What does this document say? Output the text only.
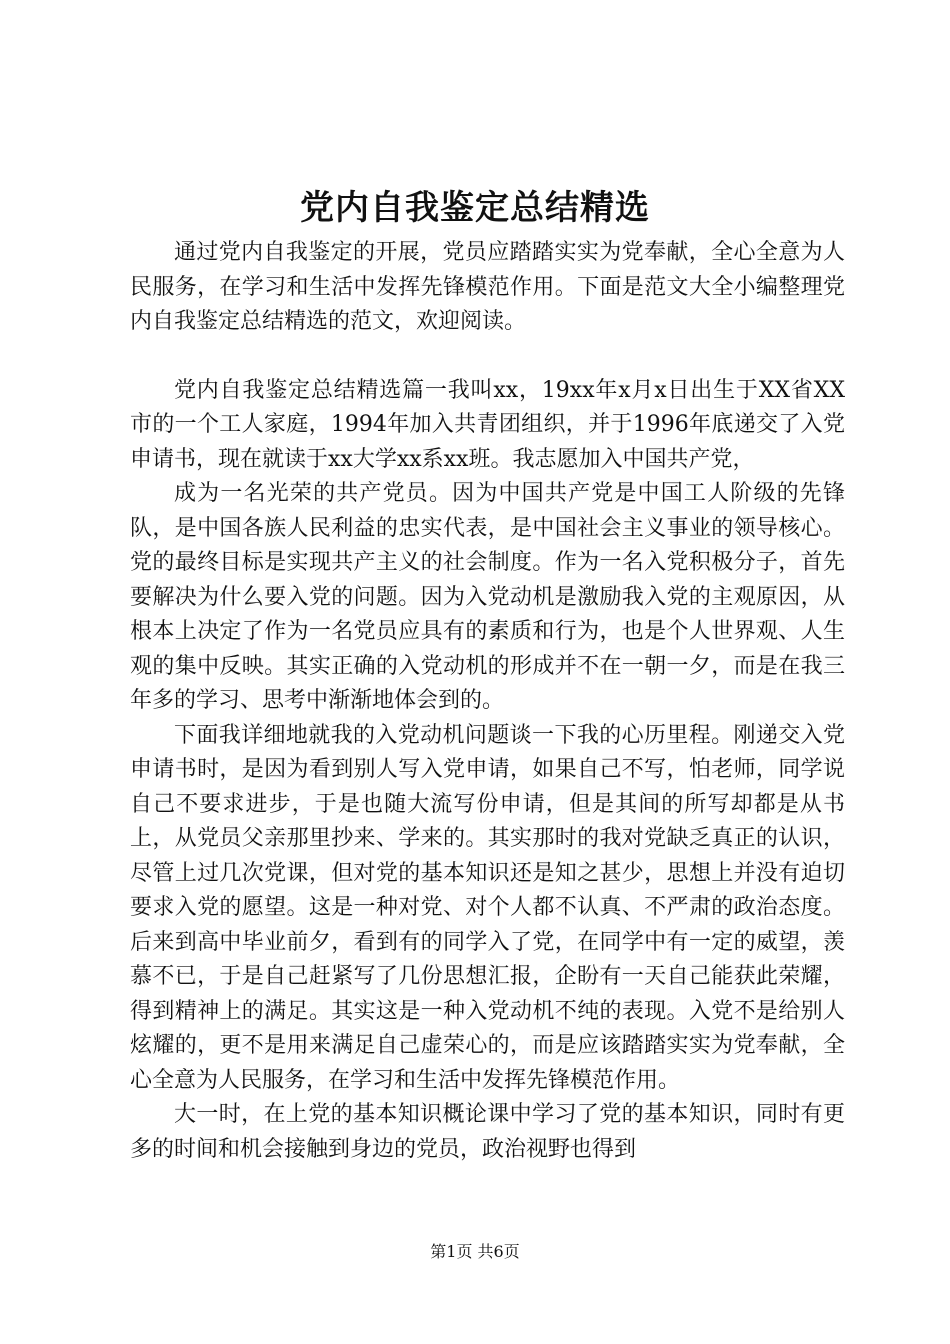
党内自我鉴定总结精选

通过党内自我鉴定的开展，党员应踏踏实实为党奉献，全心全意为人民服务，在学习和生活中发挥先锋模范作用。下面是范文大全小编整理党内自我鉴定总结精选的范文，欢迎阅读。

党内自我鉴定总结精选篇一我叫xx，19xx年x月x日出生于XX省XX市的一个工人家庭，1994年加入共青团组织，并于1996年底递交了入党申请书，现在就读于xx大学xx系xx班。我志愿加入中国共产党，

成为一名光荣的共产党员。因为中国共产党是中国工人阶级的先锋队，是中国各族人民利益的忠实代表，是中国社会主义事业的领导核心。党的最终目标是实现共产主义的社会制度。作为一名入党积极分子，首先要解决为什么要入党的问题。因为入党动机是激励我入党的主观原因，从根本上决定了作为一名党员应具有的素质和行为，也是个人世界观、人生观的集中反映。其实正确的入党动机的形成并不在一朝一夕，而是在我三年多的学习、思考中渐渐地体会到的。

下面我详细地就我的入党动机问题谈一下我的心历里程。刚递交入党申请书时，是因为看到别人写入党申请，如果自己不写，怕老师，同学说自己不要求进步，于是也随大流写份申请，但是其间的所写却都是从书上，从党员父亲那里抄来、学来的。其实那时的我对党缺乏真正的认识，尽管上过几次党课，但对党的基本知识还是知之甚少，思想上并没有迫切要求入党的愿望。这是一种对党、对个人都不认真、不严肃的政治态度。后来到高中毕业前夕，看到有的同学入了党，在同学中有一定的威望，羡慕不已，于是自己赶紧写了几份思想汇报，企盼有一天自己能获此荣耀，得到精神上的满足。其实这是一种入党动机不纯的表现。入党不是给别人炫耀的，更不是用来满足自己虚荣心的，而是应该踏踏实实为党奉献，全心全意为人民服务，在学习和生活中发挥先锋模范作用。

大一时，在上党的基本知识概论课中学习了党的基本知识，同时有更多的时间和机会接触到身边的党员，政治视野也得到

第1页 共6页
